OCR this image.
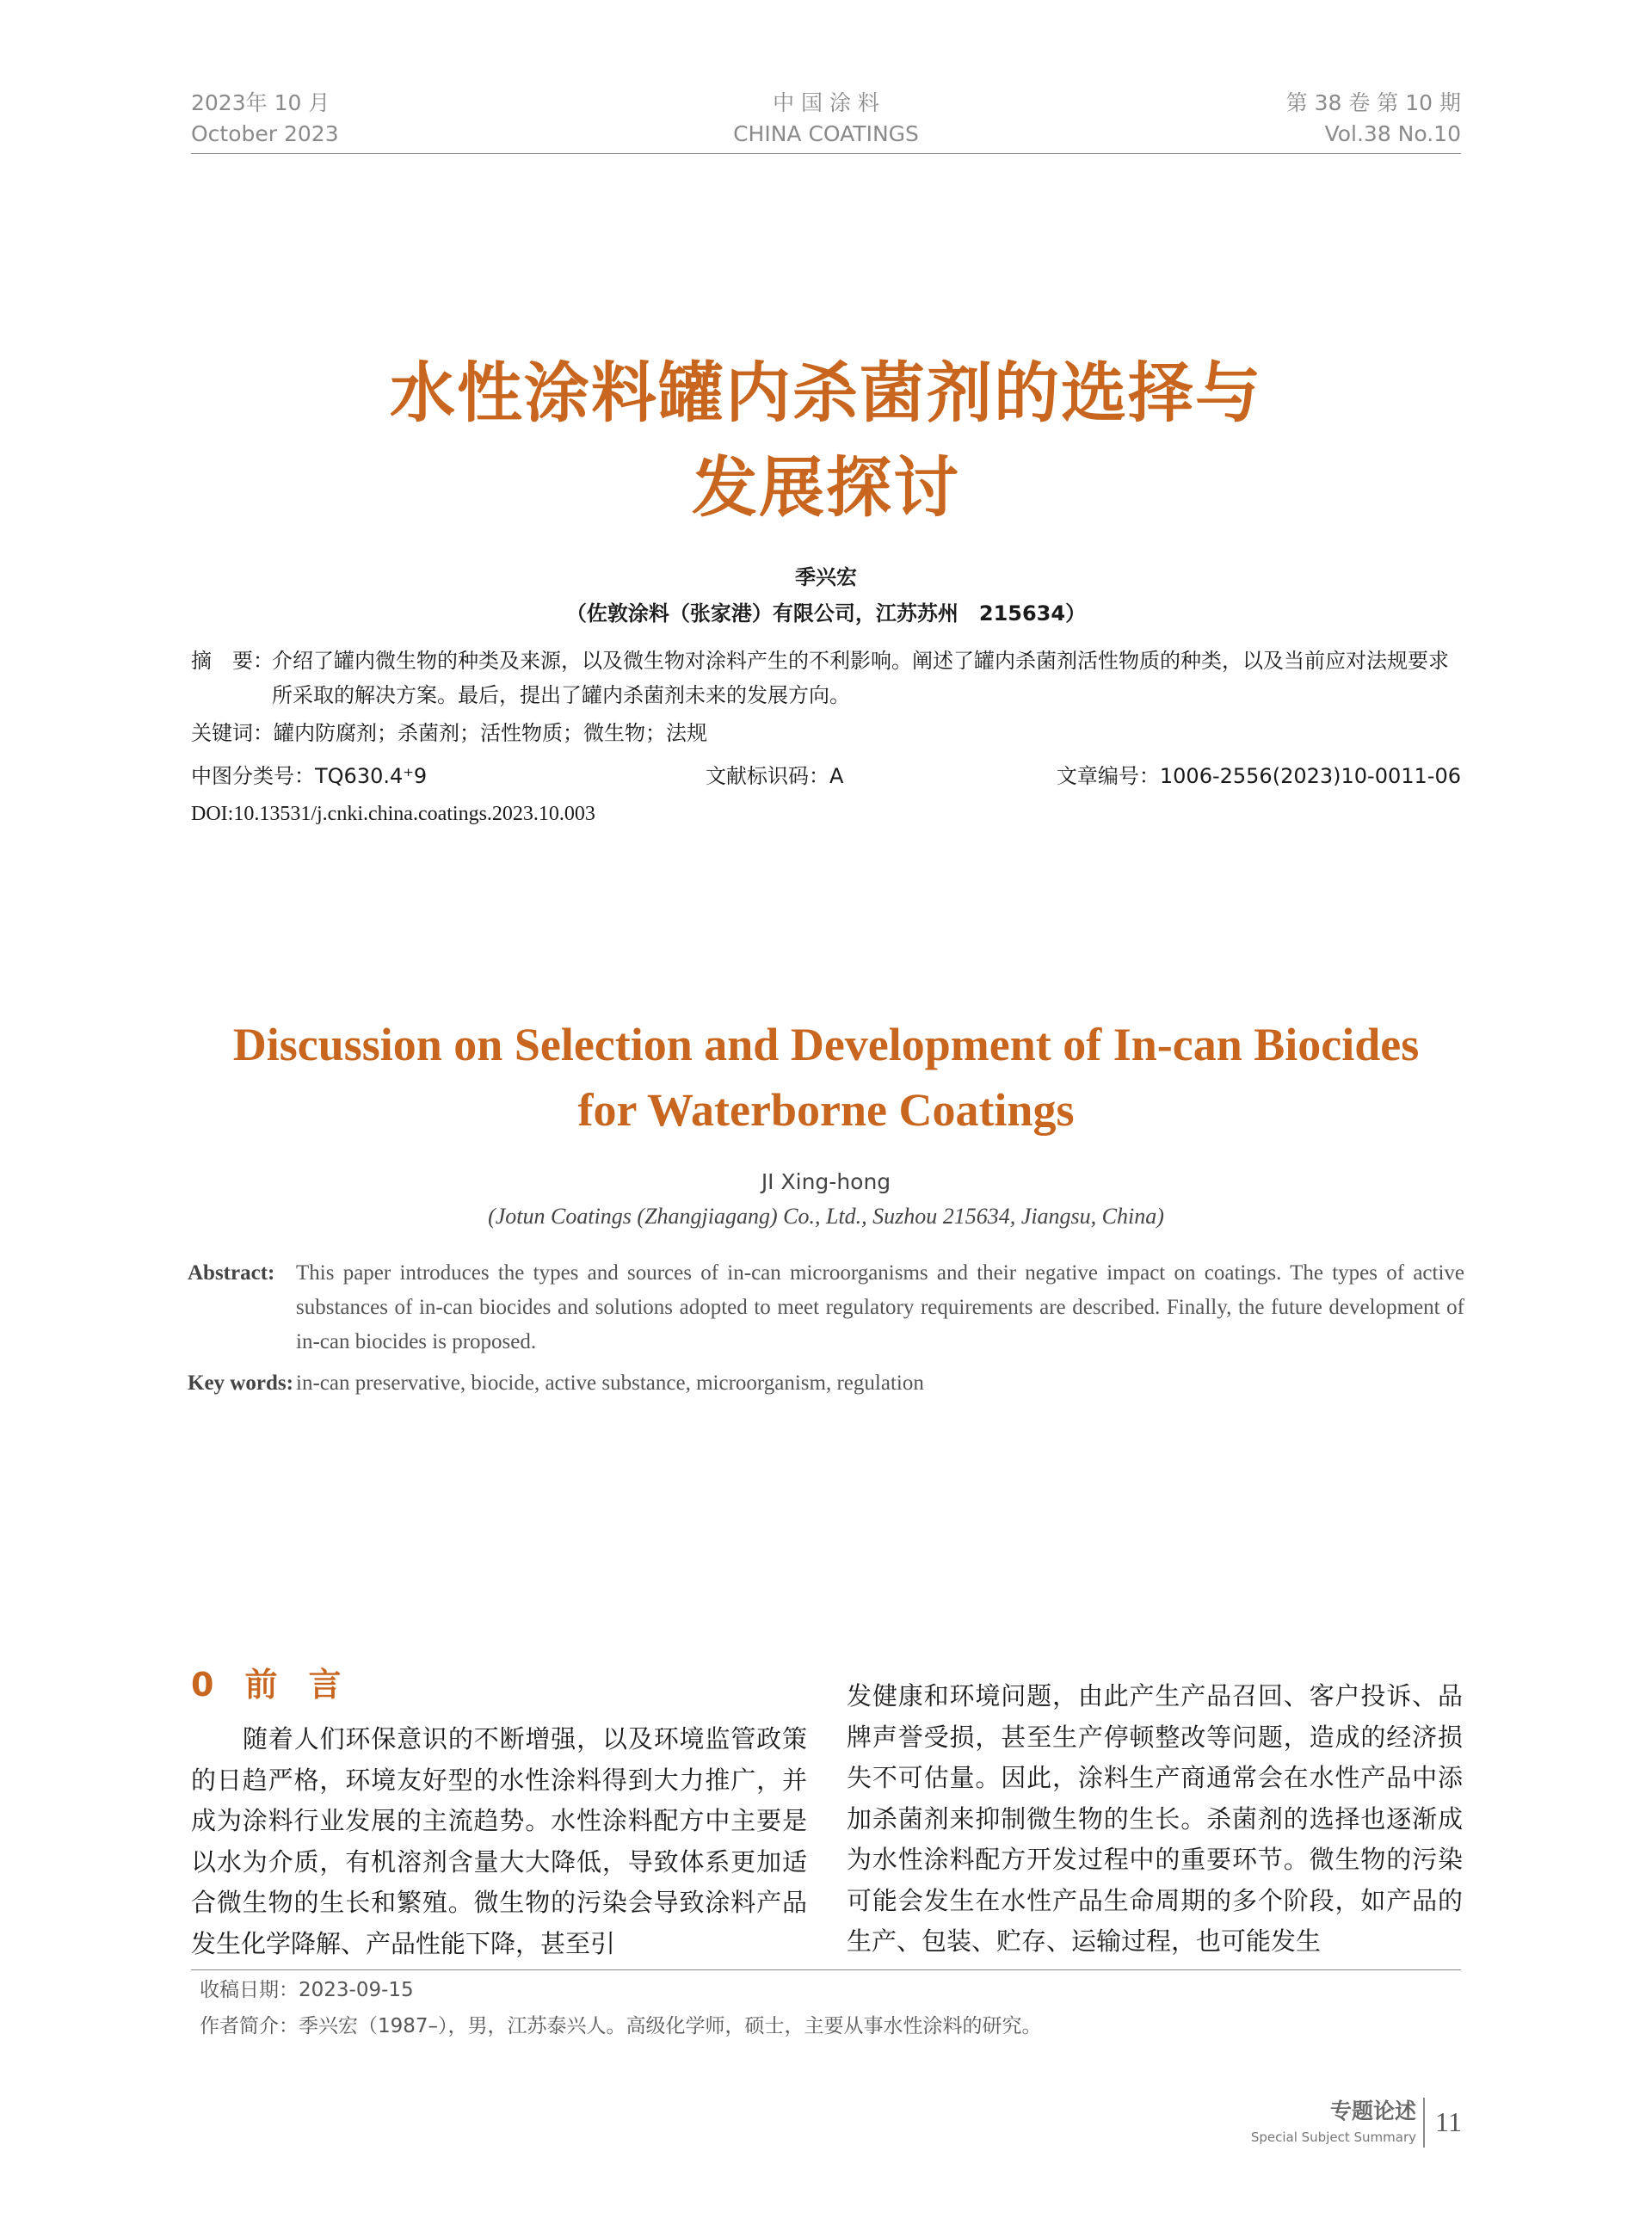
2023年 10 月
October 2023
中 国 涂 料
CHINA COATINGS
第 38 卷 第 10 期
Vol.38 No.10
水性涂料罐内杀菌剂的选择与
发展探讨
季兴宏
（佐敦涂料（张家港）有限公司，江苏苏州　215634）
摘　要：
介绍了罐内微生物的种类及来源，以及微生物对涂料产生的不利影响。阐述了罐内杀菌剂活性物质的种类，以及当前应对法规要求所采取的解决方案。最后，提出了罐内杀菌剂未来的发展方向。
关键词：罐内防腐剂；杀菌剂；活性物质；微生物；法规
中图分类号：TQ630.4⁺9	文献标识码：A	文章编号：1006-2556(2023)10-0011-06
DOI:10.13531/j.cnki.china.coatings.2023.10.003
Discussion on Selection and Development of In-can Biocides
for Waterborne Coatings
JI Xing-hong
(Jotun Coatings (Zhangjiagang) Co., Ltd., Suzhou 215634, Jiangsu, China)
Abstract: This paper introduces the types and sources of in-can microorganisms and their negative impact on coatings. The types of active substances of in-can biocides and solutions adopted to meet regulatory requirements are described. Finally, the future development of in-can biocides is proposed.
Key words: in-can preservative, biocide, active substance, microorganism, regulation
0 前言
随着人们环保意识的不断增强，以及环境监管政策的日趋严格，环境友好型的水性涂料得到大力推广，并成为涂料行业发展的主流趋势。水性涂料配方中主要是以水为介质，有机溶剂含量大大降低，导致体系更加适合微生物的生长和繁殖。微生物的污染会导致涂料产品发生化学降解、产品性能下降，甚至引
发健康和环境问题，由此产生产品召回、客户投诉、品牌声誉受损，甚至生产停顿整改等问题，造成的经济损失不可估量。因此，涂料生产商通常会在水性产品中添加杀菌剂来抑制微生物的生长。杀菌剂的选择也逐渐成为水性涂料配方开发过程中的重要环节。微生物的污染可能会发生在水性产品生命周期的多个阶段，如产品的生产、包装、贮存、运输过程，也可能发生
收稿日期：2023-09-15
作者简介：季兴宏（1987–），男，江苏泰兴人。高级化学师，硕士，主要从事水性涂料的研究。
专题论述
Special Subject Summary 11
